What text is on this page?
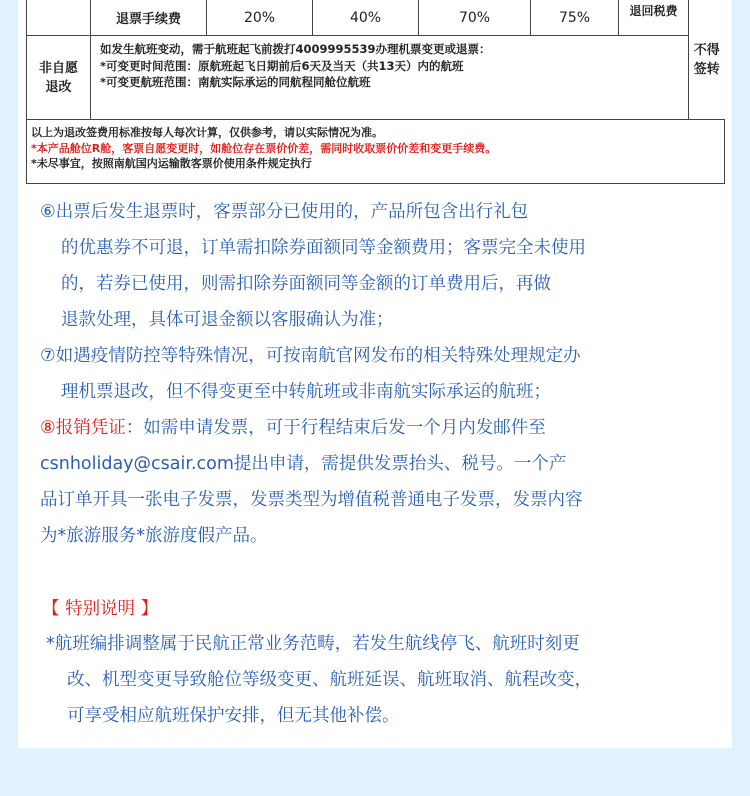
	退票手续费	20%	40%	70%	75%	退回税费	不得签转

非自愿退改	如发生航班变动，需于航班起飞前拨打4009995539办理机票变更或退票：
*可变更时间范围：原航班起飞日期前后6天及当天（共13天）内的航班
*可变更航班范围：南航实际承运的同航程同舱位航班						

以上为退改签费用标准按每人每次计算，仅供参考，请以实际情况为准。
*本产品舱位R舱，客票自愿变更时，如舱位存在票价价差，需同时收取票价价差和变更手续费。
*未尽事宜，按照南航国内运输散客票价使用条件规定执行							
⑥出票后发生退票时，客票部分已使用的，产品所包含出行礼包
的优惠券不可退，订单需扣除券面额同等金额费用；客票完全未使用
的，若券已使用，则需扣除券面额同等金额的订单费用后，再做
退款处理，具体可退金额以客服确认为准；
⑦如遇疫情防控等特殊情况，可按南航官网发布的相关特殊处理规定办
理机票退改，但不得变更至中转航班或非南航实际承运的航班；
⑧报销凭证：如需申请发票，可于行程结束后发一个月内发邮件至
csnholiday@csair.com提出申请，需提供发票抬头、税号。一个产
品订单开具一张电子发票，发票类型为增值税普通电子发票，发票内容
为*旅游服务*旅游度假产品。
【 特别说明 】
*航班编排调整属于民航正常业务范畴，若发生航线停飞、航班时刻更
改、机型变更导致舱位等级变更、航班延误、航班取消、航程改变，
可享受相应航班保护安排，但无其他补偿。
